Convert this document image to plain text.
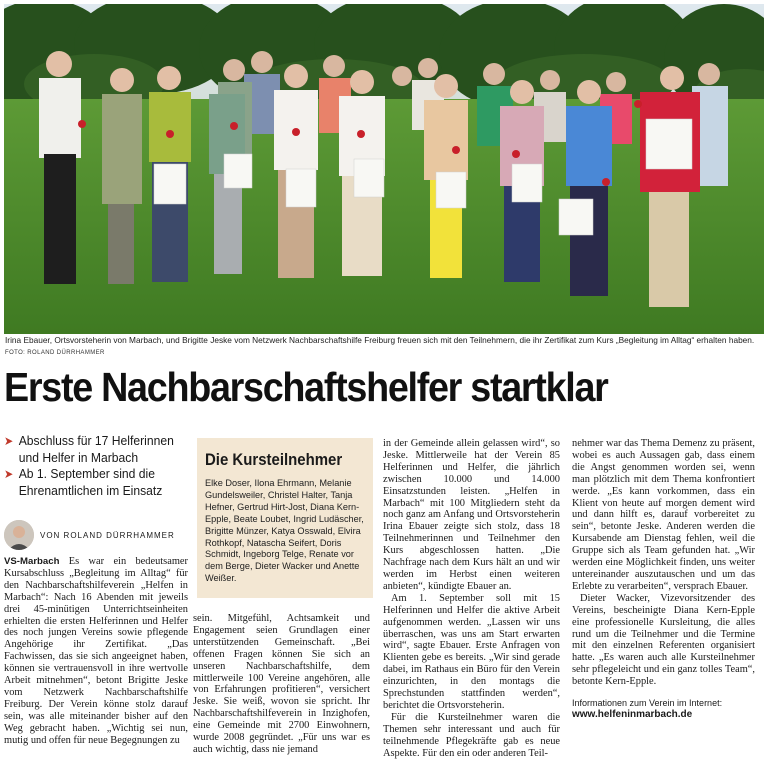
Irina Ebauer, Ortsvorsteherin von Marbach, und Brigitte Jeske vom Netzwerk Nachbarschaftshilfe Freiburg freuen sich mit den Teilnehmern, die ihr Zertifikat zum Kurs „Begleitung im Alltag“ erhalten haben. FOTO: ROLAND DÜRRHAMMER
Erste Nachbarschaftshelfer startklar
➤ Abschluss für 17 Helferinnen und Helfer in Marbach
➤ Ab 1. September sind die Ehrenamtlichen im Einsatz
VON ROLAND DÜRRHAMMER

VS-Marbach Es war ein bedeutsamer Kursabschluss „Begleitung im Alltag“ für den Nachbarschaftshilfeverein „Helfen in Marbach“: Nach 16 Abenden mit jeweils drei 45-minütigen Unterrichtseinheiten erhielten die ersten Helferinnen und Helfer des noch jungen Vereins sowie pflegende Angehörige ihr Zertifikat. „Das Fachwissen, das sie sich angeeignet haben, können sie vertrauensvoll in ihre wertvolle Arbeit mitnehmen“, betont Brigitte Jeske vom Netzwerk Nachbarschaftshilfe Freiburg. Der Verein könne stolz darauf sein, was alle miteinander bisher auf den Weg gebracht haben. „Wichtig sei nun, mutig und offen für neue Begegnungen zu

Die Kursteilnehmer
Elke Doser, Ilona Ehrmann, Melanie Gundelsweiler, Christel Halter, Tanja Hefner, Gertrud Hirt-Jost, Diana Kern-Epple, Beate Loubet, Ingrid Ludäscher, Brigitte Münzer, Katya Osswald, Elvira Rothkopf, Natascha Seifert, Doris Schmidt, Ingeborg Telge, Renate vor dem Berge, Dieter Wacker und Anette Weißer.

sein. Mitgefühl, Achtsamkeit und Engagement seien Grundlagen einer unterstützenden Gemeinschaft. „Bei offenen Fragen können Sie sich an unseren Nachbarschaftshilfe, dem mittlerweile 100 Vereine angehören, alle von Erfahrungen profitieren“, versichert Jeske. Sie weiß, wovon sie spricht. Ihr Nachbarschaftshilfeverein in Inzighofen, eine Gemeinde mit 2700 Einwohnern, wurde 2008 gegründet. „Für uns war es auch wichtig, dass nie jemand

in der Gemeinde allein gelassen wird“, so Jeske. Mittlerweile hat der Verein 85 Helferinnen und Helfer, die jährlich zwischen 10.000 und 14.000 Einsatzstunden leisten. „Helfen in Marbach“ mit 100 Mitgliedern steht da noch ganz am Anfang und Ortsvorsteherin Irina Ebauer zeigte sich stolz, dass 18 Teilnehmerinnen und Teilnehmer den Kurs abgeschlossen hatten. „Die Nachfrage nach dem Kurs hält an und wir werden im Herbst einen weiteren anbieten“, kündigte Ebauer an.

Am 1. September soll mit 15 Helferinnen und Helfer die aktive Arbeit aufgenommen werden. „Lassen wir uns überraschen, was uns am Start erwarten wird“, sagte Ebauer. Erste Anfragen von Klienten gebe es bereits. „Wir sind gerade dabei, im Rathaus ein Büro für den Verein einzurichten, in den montags die Sprechstunden stattfinden werden“, berichtet die Ortsvorsteherin.

Für die Kursteilnehmer waren die Themen sehr interessant und auch für teilnehmende Pflegekräfte gab es neue Aspekte. Für den ein oder anderen Teil-

nehmer war das Thema Demenz zu präsent, wobei es auch Aussagen gab, dass einem die Angst genommen worden sei, wenn man plötzlich mit dem Thema konfrontiert werde. „Es kann vorkommen, dass ein Klient von heute auf morgen dement wird und dann hilft es, darauf vorbereitet zu sein“, betonte Jeske. Anderen werden die Kursabende am Dienstag fehlen, weil die Gruppe sich als Team gefunden hat. „Wir werden eine Möglichkeit finden, uns weiter untereinander auszutauschen und um das Erlebte zu verarbeiten“, versprach Ebauer.

Dieter Wacker, Vizevorsitzender des Vereins, bescheinigte Diana Kern-Epple eine professionelle Kursleitung, die alles rund um die Teilnehmer und die Termine mit den einzelnen Referenten organisiert hatte. „Es waren auch alle Kursteilnehmer sehr pflegeleicht und ein ganz tolles Team“, betonte Kern-Epple.

Informationen zum Verein im Internet:
www.helfeninmarbach.de
